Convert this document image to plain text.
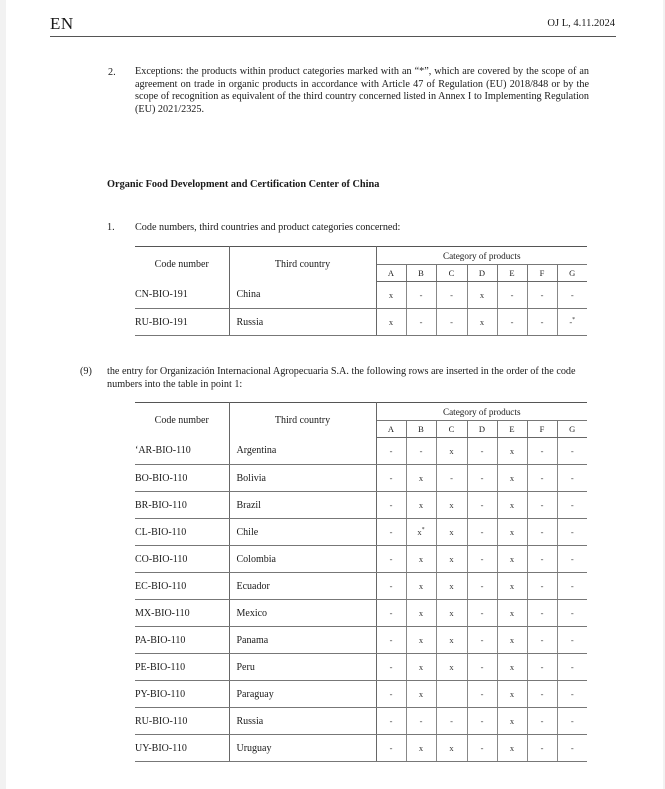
EN	OJ L, 4.11.2024
2. Exceptions: the products within product categories marked with an “*”, which are covered by the scope of an agreement on trade in organic products in accordance with Article 47 of Regulation (EU) 2018/848 or by the scope of recognition as equivalent of the third country concerned listed in Annex I to Implementing Regulation (EU) 2021/2325.
Organic Food Development and Certification Center of China
1. Code numbers, third countries and product categories concerned:
Code number	Third country	Category of products						
		A	B	C	D	E	F	G
CN-BIO-191	China	x	-	-	x	-	-	-
RU-BIO-191	Russia	x	-	-	x	-	-	-*
(9) the entry for Organización Internacional Agropecuaria S.A. the following rows are inserted in the order of the code numbers into the table in point 1:
Code number	Third country	Category of products						
		A	B	C	D	E	F	G
‘AR-BIO-110	Argentina	-	-	x	-	x	-	-
BO-BIO-110	Bolivia	-	x	-	-	x	-	-
BR-BIO-110	Brazil	-	x	x	-	x	-	-
CL-BIO-110	Chile	-	x*	x	-	x	-	-
CO-BIO-110	Colombia	-	x	x	-	x	-	-
EC-BIO-110	Ecuador	-	x	x	-	x	-	-
MX-BIO-110	Mexico	-	x	x	-	x	-	-
PA-BIO-110	Panama	-	x	x	-	x	-	-
PE-BIO-110	Peru	-	x	x	-	x	-	-
PY-BIO-110	Paraguay	-	x		-	x	-	-
RU-BIO-110	Russia	-	-	-	-	x	-	-
UY-BIO-110	Uruguay	-	x	x	-	x	-	-
